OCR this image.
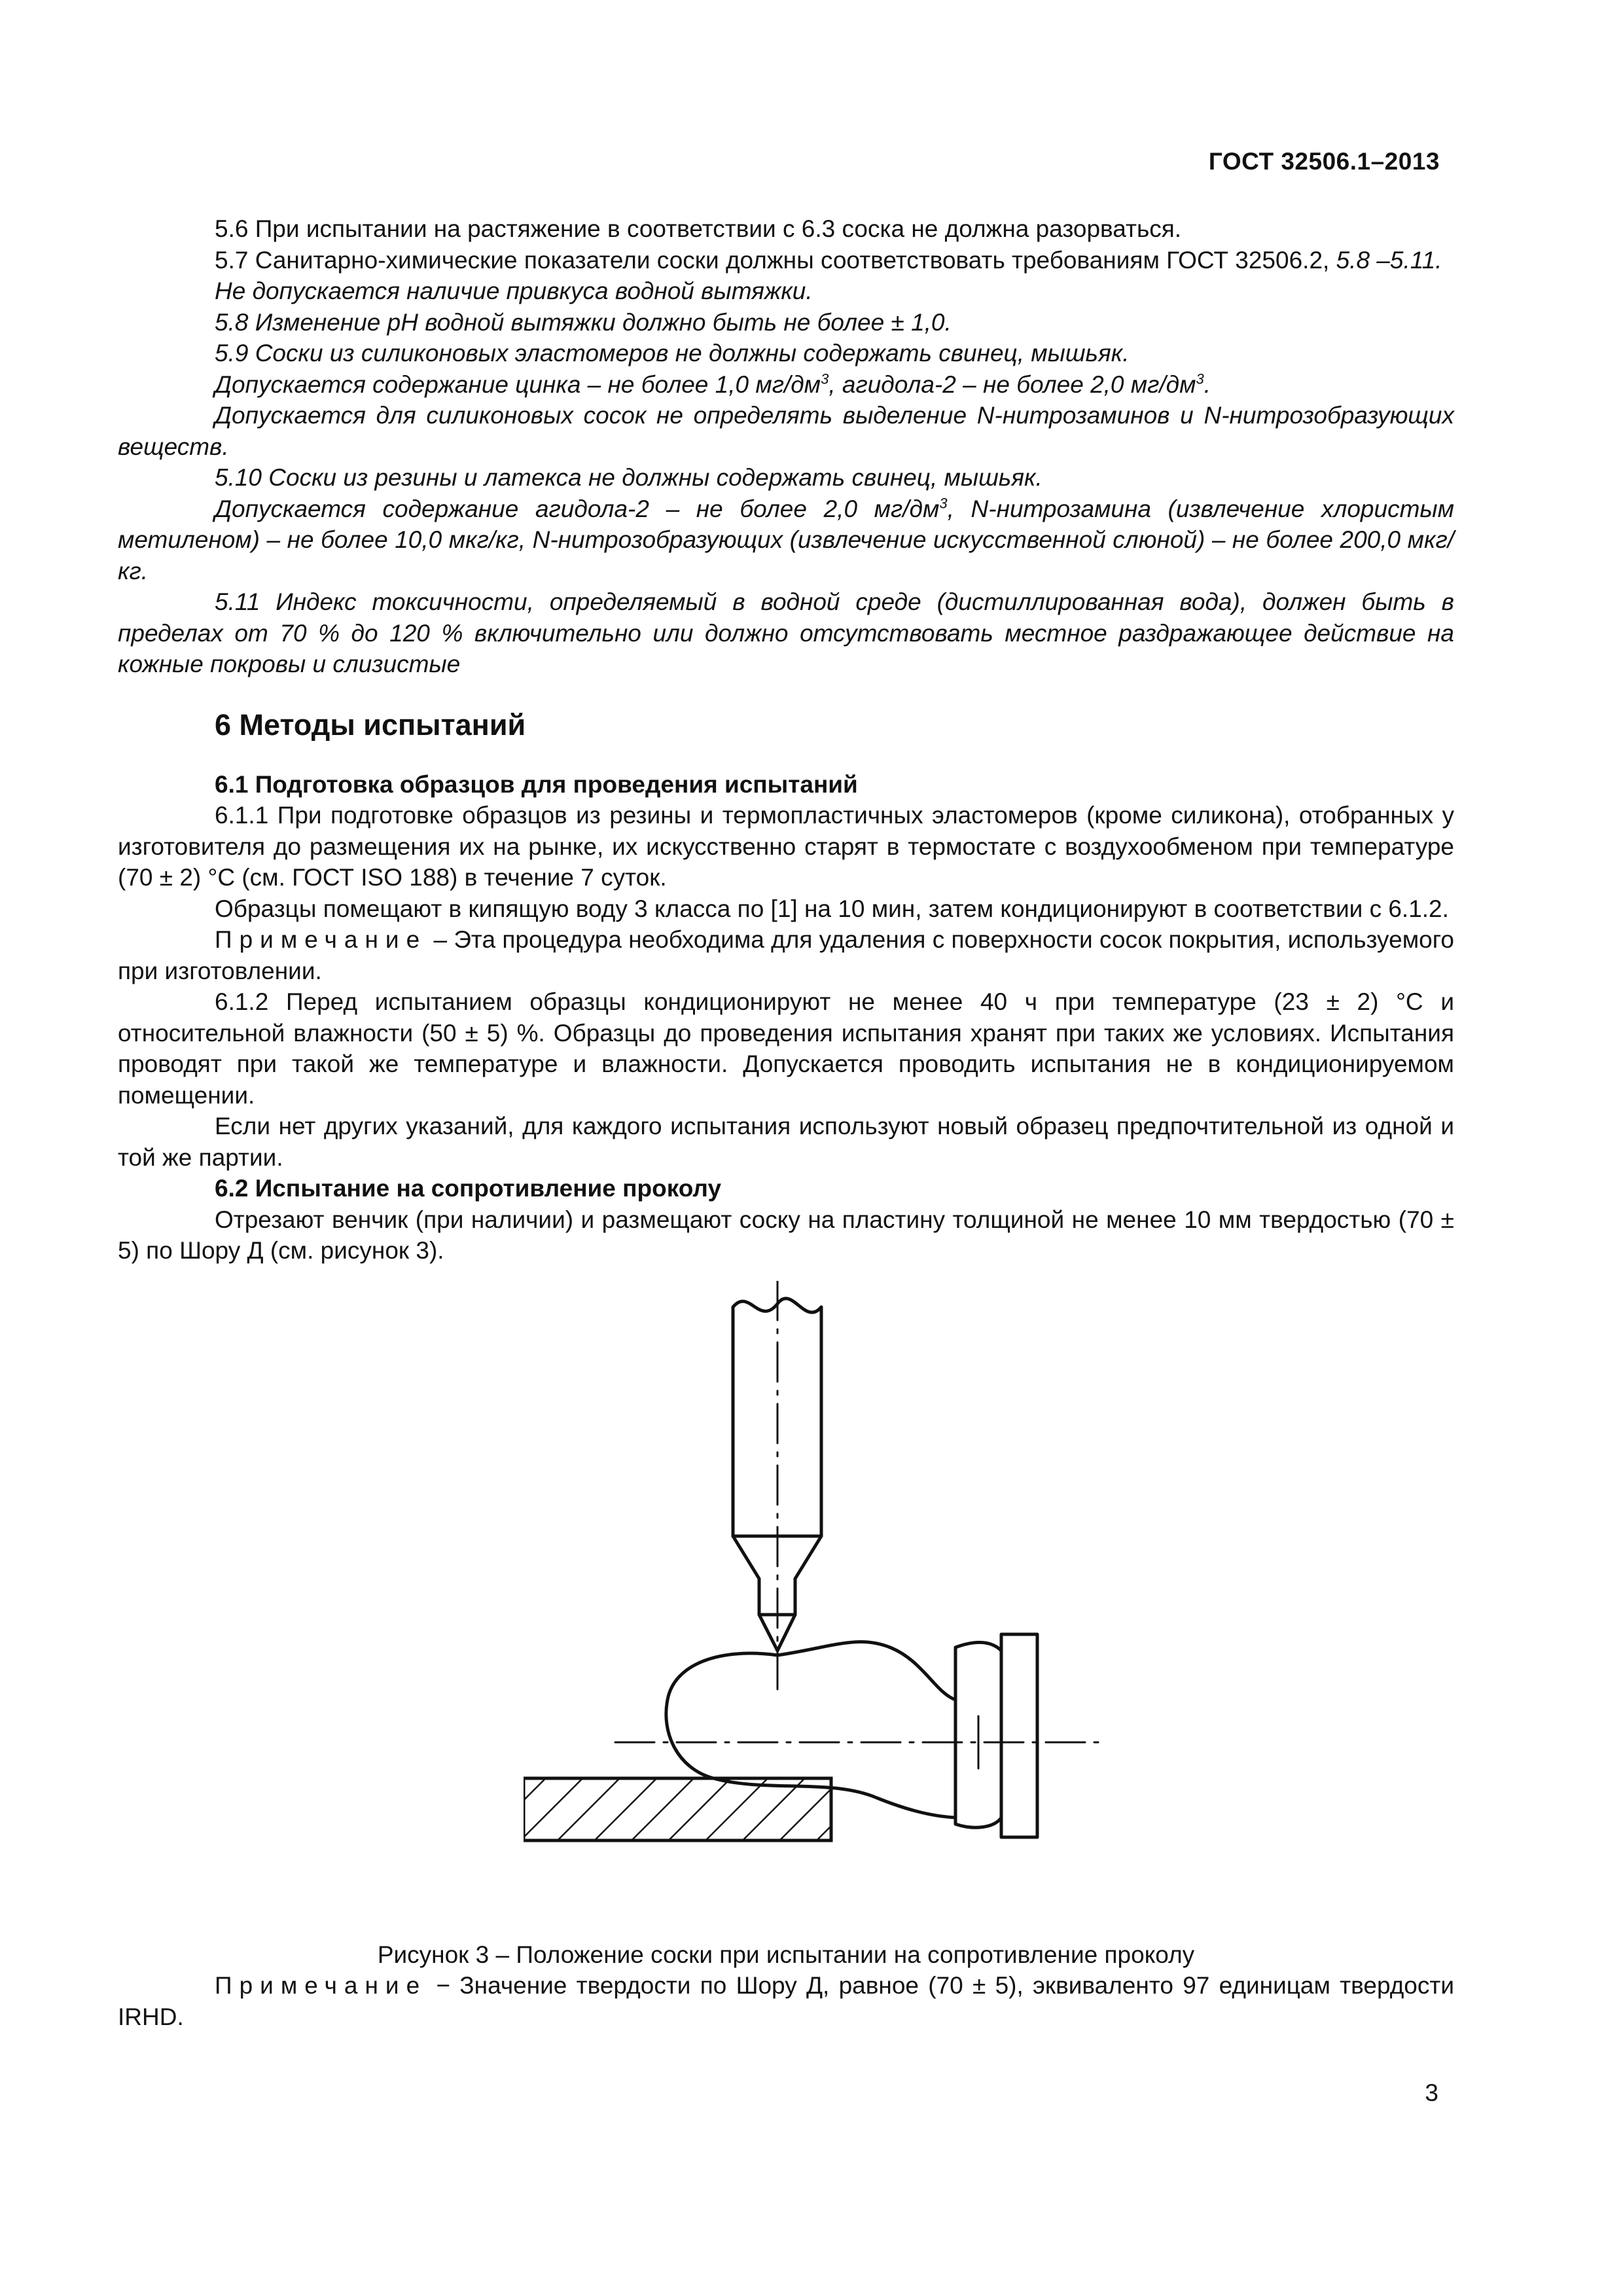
ГОСТ 32506.1–2013

5.6 При испытании на растяжение в соответствии с 6.3 соска не должна разорваться.

5.7 Санитарно-химические показатели соски должны соответствовать требованиям ГОСТ 32506.2, 5.8 –5.11.

Не допускается наличие привкуса водной вытяжки.

5.8 Изменение рН водной вытяжки должно быть не более ± 1,0.

5.9 Соски из силиконовых эластомеров не должны содержать свинец, мышьяк.

Допускается содержание цинка – не более 1,0 $мг/дм^3$, агидола-2 – не более 2,0 $мг/дм^3$.

Допускается для силиконовых сосок не определять выделение N-нитрозаминов и N-нитрозобразующих веществ.

5.10 Соски из резины и латекса не должны содержать свинец, мышьяк.

Допускается содержание агидола-2 – не более 2,0 $мг/дм^3$, N-нитрозамина (извлечение хлористым метиленом) – не более 10,0 мкг/кг, N-нитрозобразующих (извлечение искусственной слюной) – не более 200,0 мкг/кг.

5.11 Индекс токсичности, определяемый в водной среде (дистиллированная вода), должен быть в пределах от 70 % до 120 % включительно или должно отсутствовать местное раздражающее действие на кожные покровы и слизистые

6 Методы испытаний
6.1 Подготовка образцов для проведения испытаний

6.1.1 При подготовке образцов из резины и термопластичных эластомеров (кроме силикона), отобранных у изготовителя до размещения их на рынке, их искусственно старят в термостате с воздухообменом при температуре (70 ± 2) °С (см. ГОСТ ISO 188) в течение 7 суток.

Образцы помещают в кипящую воду 3 класса по [1] на 10 мин, затем кондиционируют в соответствии с 6.1.2.

Примечание – Эта процедура необходима для удаления с поверхности сосок покрытия, используемого при изготовлении.

6.1.2 Перед испытанием образцы кондиционируют не менее 40 ч при температуре (23 ± 2) °С и относительной влажности (50 ± 5) %. Образцы до проведения испытания хранят при таких же условиях. Испытания проводят при такой же температуре и влажности. Допускается проводить испытания не в кондиционируемом помещении.

Если нет других указаний, для каждого испытания используют новый образец предпочтительной из одной и той же партии.

6.2 Испытание на сопротивление проколу

Отрезают венчик (при наличии) и размещают соску на пластину толщиной не менее 10 мм твердостью (70 ± 5) по Шору Д (см. рисунок 3).

Рисунок 3 – Положение соски при испытании на сопротивление проколу

Примечание − Значение твердости по Шору Д, равное (70 ± 5), эквиваленто 97 единицам твердости IRHD.

3
